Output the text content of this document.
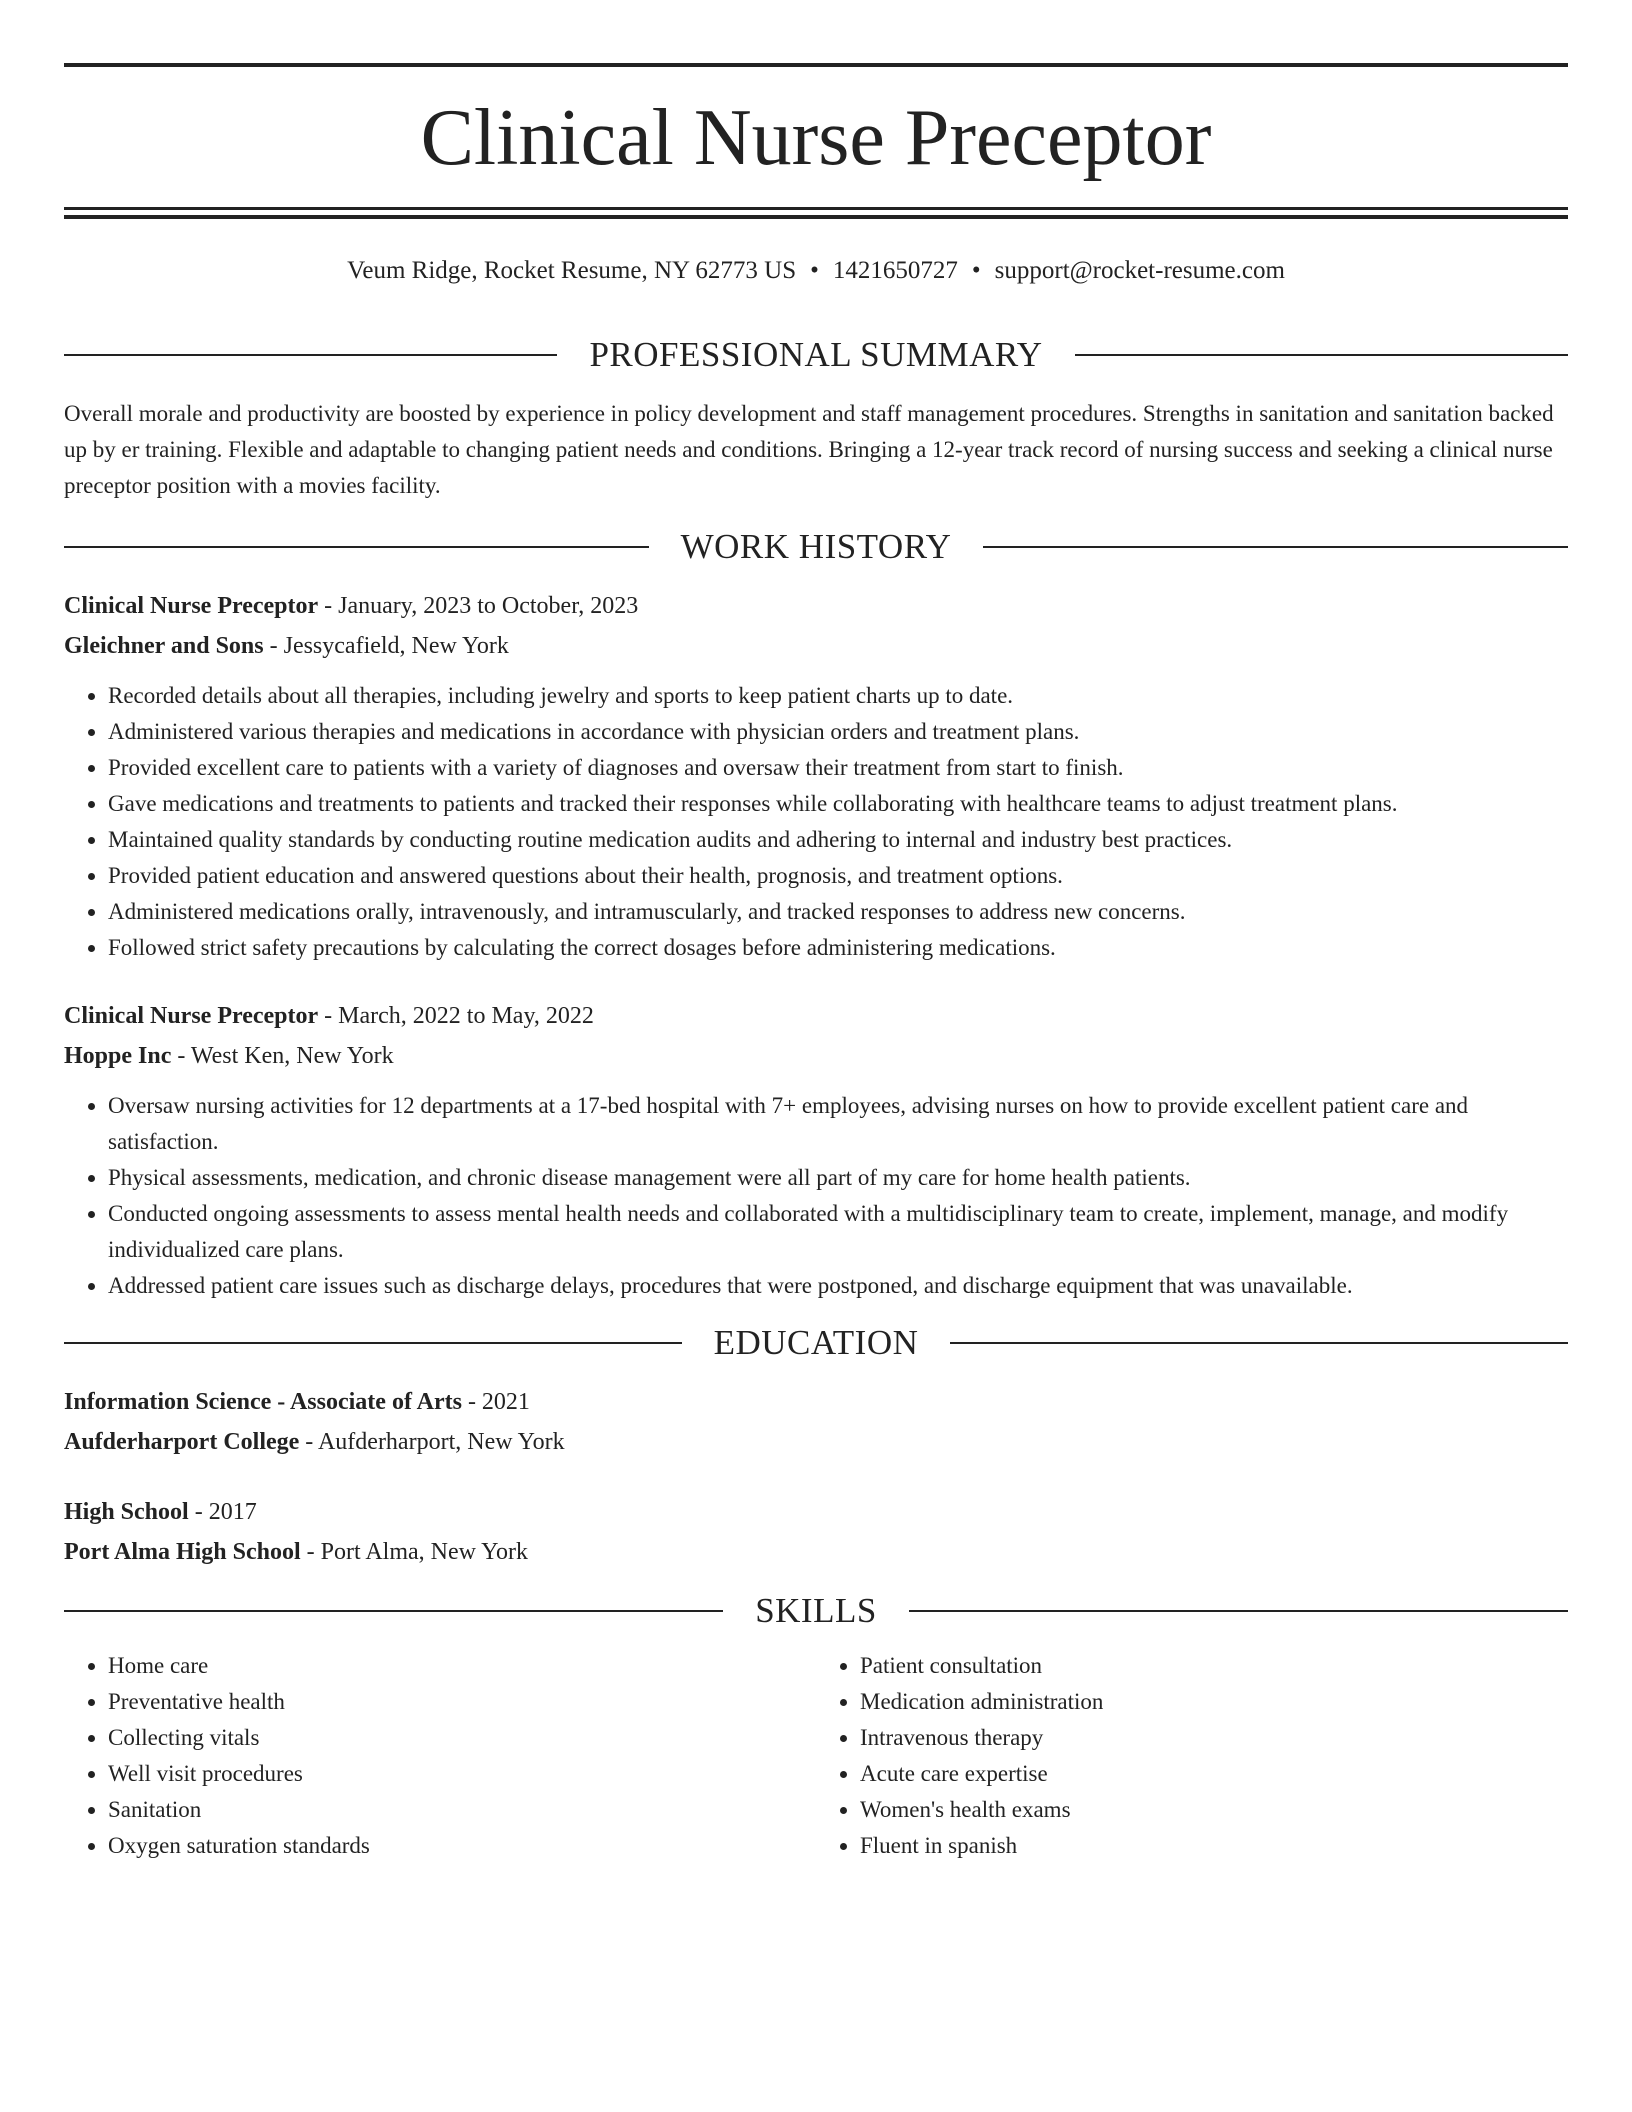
Clinical Nurse Preceptor
Veum Ridge, Rocket Resume, NY 62773 US • 1421650727 • support@rocket-resume.com
PROFESSIONAL SUMMARY

Overall morale and productivity are boosted by experience in policy development and staff management procedures. Strengths in sanitation and sanitation backed up by er training. Flexible and adaptable to changing patient needs and conditions. Bringing a 12-year track record of nursing success and seeking a clinical nurse preceptor position with a movies facility.

WORK HISTORY

Clinical Nurse Preceptor - January, 2023 to October, 2023

Gleichner and Sons - Jessycafield, New York

• Recorded details about all therapies, including jewelry and sports to keep patient charts up to date.
• Administered various therapies and medications in accordance with physician orders and treatment plans.
• Provided excellent care to patients with a variety of diagnoses and oversaw their treatment from start to finish.
• Gave medications and treatments to patients and tracked their responses while collaborating with healthcare teams to adjust treatment plans.
• Maintained quality standards by conducting routine medication audits and adhering to internal and industry best practices.
• Provided patient education and answered questions about their health, prognosis, and treatment options.
• Administered medications orally, intravenously, and intramuscularly, and tracked responses to address new concerns.
• Followed strict safety precautions by calculating the correct dosages before administering medications.

Clinical Nurse Preceptor - March, 2022 to May, 2022

Hoppe Inc - West Ken, New York

• Oversaw nursing activities for 12 departments at a 17-bed hospital with 7+ employees, advising nurses on how to provide excellent patient care and satisfaction.
• Physical assessments, medication, and chronic disease management were all part of my care for home health patients.
• Conducted ongoing assessments to assess mental health needs and collaborated with a multidisciplinary team to create, implement, manage, and modify individualized care plans.
• Addressed patient care issues such as discharge delays, procedures that were postponed, and discharge equipment that was unavailable.
EDUCATION

Information Science - Associate of Arts - 2021

Aufderharport College - Aufderharport, New York

High School - 2017

Port Alma High School - Port Alma, New York

SKILLS
• Home care
• Preventative health
• Collecting vitals
• Well visit procedures
• Sanitation
• Oxygen saturation standards
• Patient consultation
• Medication administration
• Intravenous therapy
• Acute care expertise
• Women's health exams
• Fluent in spanish
